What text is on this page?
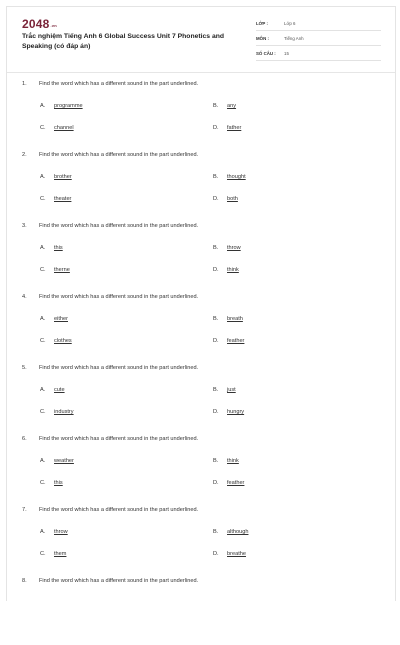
$2048^{.vn}$
Trắc nghiệm Tiếng Anh 6 Global Success Unit 7 Phonetics and Speaking (có đáp án)
LỚP :	Lớp 6
MÔN :	Tiếng Anh
SỐ CÂU :	15
1. Find the word which has a different sound in the part underlined.
A. programme	B. any
C. channel	D. father
2. Find the word which has a different sound in the part underlined.
A. brother	B. thought
C. theater	D. both
3. Find the word which has a different sound in the part underlined.
A. this	B. throw
C. therne	D. think
4. Find the word which has a different sound in the part underlined.
A. either	B. breath
C. clothes	D. feather
5. Find the word which has a different sound in the part underlined.
A. cute	B. just
C. industry	D. hungry
6. Find the word which has a different sound in the part underlined.
A. weather	B. think
C. this	D. feather
7. Find the word which has a different sound in the part underlined.
A. throw	B. although
C. them	D. breathe
8. Find the word which has a different sound in the part underlined.
